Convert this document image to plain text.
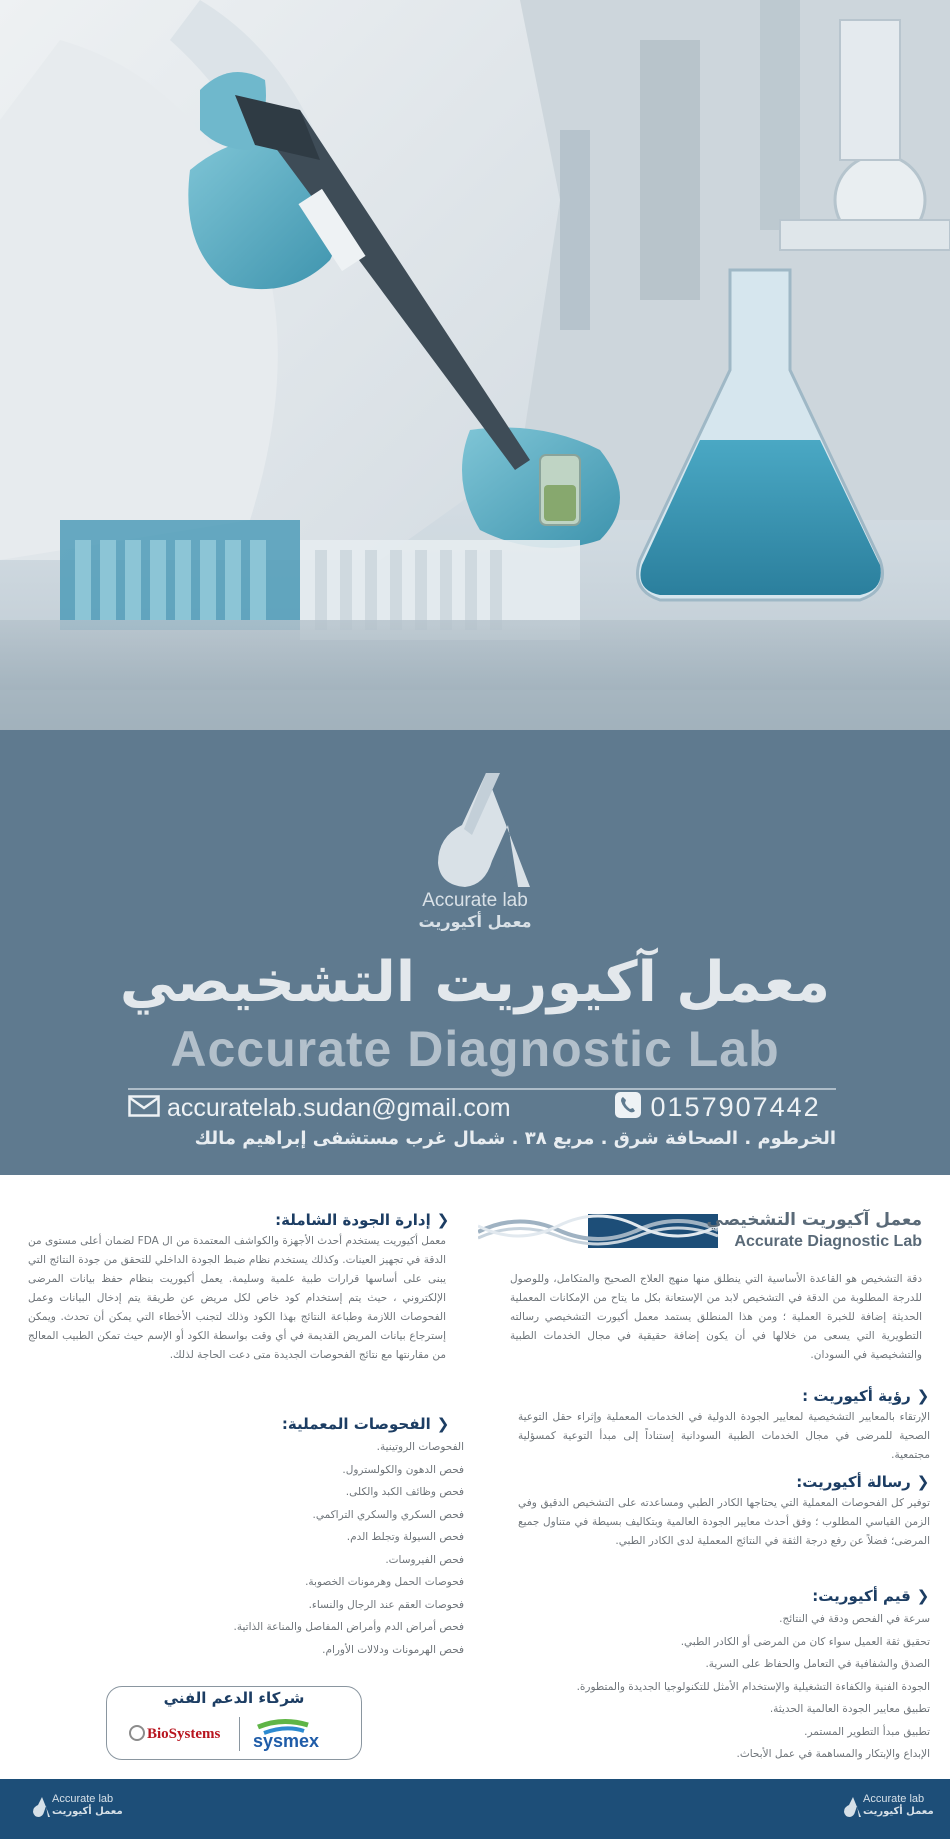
Accurate lab
معمل أكيوريت
معمل آكيوريت التشخيصي
Accurate Diagnostic Lab
accuratelab.sudan@gmail.com	0157907442
الخرطوم . الصحافة شرق . مربع ٣٨ . شمال غرب مستشفى إبراهيم مالك
معمل آكيوريت التشخيصي
Accurate Diagnostic Lab

دقة التشخيص هو القاعدة الأساسية التي ينطلق منها منهج العلاج الصحيح والمتكامل، وللوصول للدرجة المطلوبة من الدقة في التشخيص لابد من الإستعانة بكل ما يتاح من الإمكانات المعملية الحديثة إضافة للخبرة العملية ؛ ومن هذا المنطلق يستمد معمل أكيورت التشخيصي رسالته التطويرية التي يسعى من خلالها في أن يكون إضافة حقيقية في مجال الخدمات الطبية والتشخيصية في السودان.

❮ رؤية أكيوريت :

الإرتقاء بالمعايير التشخيصية لمعايير الجودة الدولية في الخدمات المعملية وإثراء حقل التوعية الصحية للمرضى في مجال الخدمات الطبية السودانية إستناداً إلى مبدأ التوعية كمسؤلية مجتمعية.

❮ رسالة أكيوريت:

توفير كل الفحوصات المعملية التي يحتاجها الكادر الطبي ومساعدته على التشخيص الدقيق وفي الزمن القياسي المطلوب ؛ وفق أحدث معايير الجودة العالمية وبتكاليف بسيطة في متناول جميع المرضى؛ فضلاً عن رفع درجة الثقة في النتائج المعملية لدى الكادر الطبي.

❮ قيم أكيوريت:
سرعة في الفحص ودقة في النتائج.
تحقيق ثقة العميل سواء كان من المرضى أو الكادر الطبي.
الصدق والشفافية في التعامل والحفاظ على السرية.
الجودة الفنية والكفاءة التشغيلية والإستخدام الأمثل للتكنولوجيا الجديدة والمتطورة.
تطبيق معايير الجودة العالمية الحديثة.
تطبيق مبدأ التطوير المستمر.
الإبداع والإبتكار والمساهمة في عمل الأبحاث.
❮ إدارة الجودة الشاملة:

معمل أكيوريت يستخدم أحدث الأجهزة والكواشف المعتمدة من ال FDA لضمان أعلى مستوى من الدقة في تجهيز العينات. وكذلك يستخدم نظام ضبط الجودة الداخلي للتحقق من جودة النتائج التي يبنى على أساسها قرارات طبية علمية وسليمة. يعمل أكيوريت بنظام حفظ بيانات المرضى الإلكتروني ، حيث يتم إستخدام كود خاص لكل مريض عن طريقة يتم إدخال البيانات وعمل الفحوصات اللازمة وطباعة النتائج بهذا الكود وذلك لتجنب الأخطاء التي يمكن أن تحدث. ويمكن إسترجاع بيانات المريض القديمة في أي وقت بواسطة الكود أو الإسم حيث تمكن الطبيب المعالج من مقارنتها مع نتائج الفحوصات الجديدة متى دعت الحاجة لذلك.

❮ الفحوصات المعملية:
الفحوصات الروتينية.
فحص الدهون والكولسترول.
فحص وظائف الكبد والكلى.
فحص السكري والسكري التراكمي.
فحص السيولة وتجلط الدم.
فحص الفيروسات.
فحوصات الحمل وهرمونات الخصوبة.
فحوصات العقم عند الرجال والنساء.
فحص أمراض الدم وأمراض المفاصل والمناعة الذاتية.
فحص الهرمونات ودلالات الأورام.
شركاء الدعم الفني
BioSystems sysmex
Accurate lab
معمل أكيوريت
Accurate lab
معمل أكيوريت
